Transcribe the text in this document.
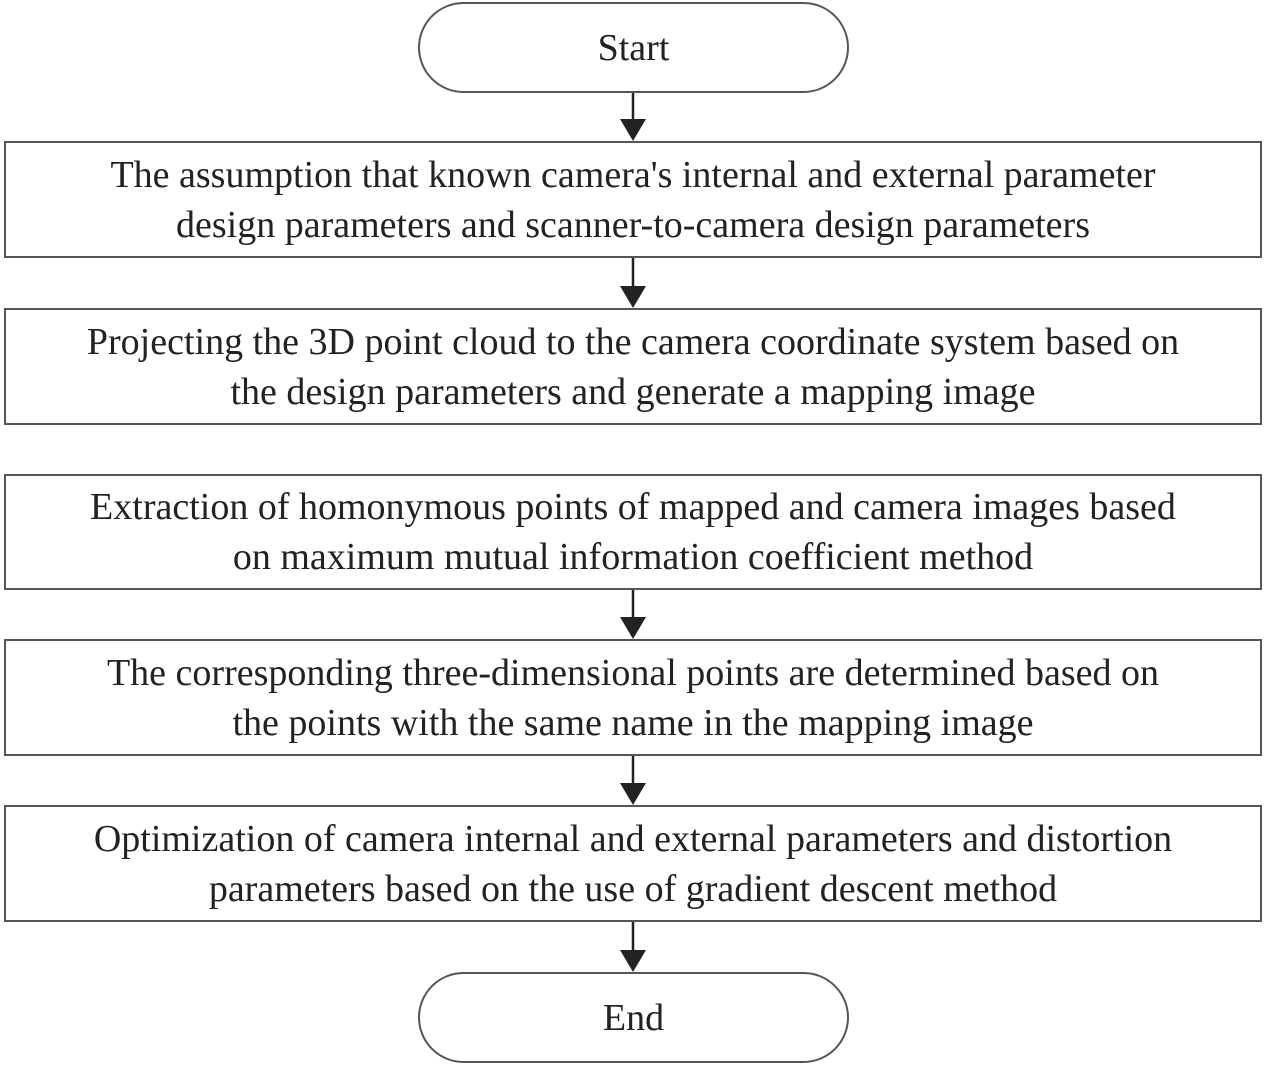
Start
The assumption that known camera's internal and external parameter
design parameters and scanner-to-camera design parameters
Projecting the 3D point cloud to the camera coordinate system based on
the design parameters and generate a mapping image
Extraction of homonymous points of mapped and camera images based
on maximum mutual information coefficient method
The corresponding three-dimensional points are determined based on
the points with the same name in the mapping image
Optimization of camera internal and external parameters and distortion
parameters based on the use of gradient descent method
End
